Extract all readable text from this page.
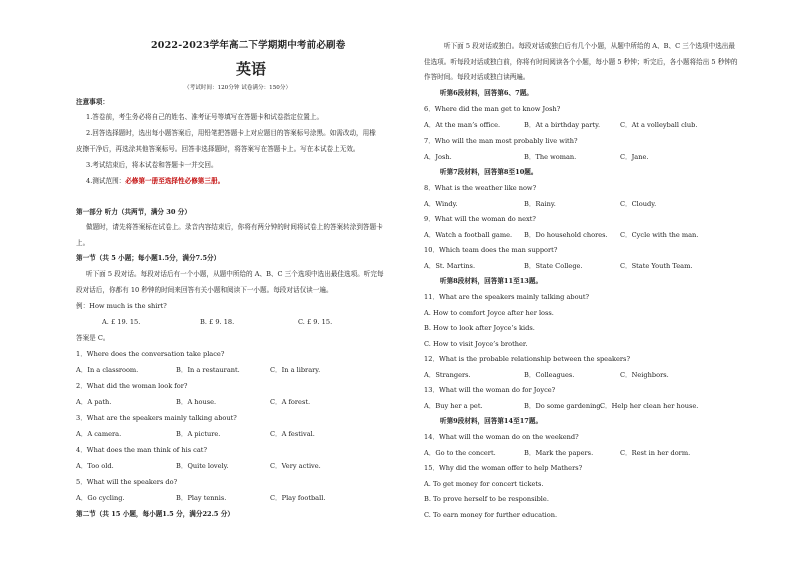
2022-2023学年高二下学期期中考前必刷卷
英语
（考试时间：120分钟 试卷满分：150分）
注意事项：
1.答卷前，考生务必将自己的姓名、准考证号等填写在答题卡和试卷指定位置上。
2.回答选择题时，选出每小题答案后，用铅笔把答题卡上对应题目的答案标号涂黑。如需改动，用橡
皮擦干净后，再选涂其他答案标号。回答非选择题时，将答案写在答题卡上。写在本试卷上无效。
3.考试结束后，将本试卷和答题卡一并交回。
4.测试范围：必修第一册至选择性必修第三册。
第一部分 听力（共两节，满分 30 分）
做题时，请先将答案标在试卷上。录音内容结束后，你将有两分钟的时间将试卷上的答案转涂到答题卡
上。
第一节（共 5 小题；每小题1.5分，满分7.5分）
听下面 5 段对话。每段对话后有一个小题，从题中所给的 A、B、C 三个选项中选出最佳选项。听完每
段对话后，你都有 10 秒钟的时间来回答有关小题和阅读下一小题。每段对话仅读一遍。
例：How much is the shirt?
A. £ 19. 15.	B. £ 9. 18.	C. £ 9. 15.
答案是 C。
1．Where does the conversation take place?
A．In a classroom.	B．In a restaurant.	C．In a library.
2．What did the woman look for?
A．A path.	B．A house.	C．A forest.
3．What are the speakers mainly talking about?
A．A camera.	B．A picture.	C．A festival.
4．What does the man think of his cat?
A．Too old.	B．Quite lovely.	C．Very active.
5．What will the speakers do?
A．Go cycling.	B．Play tennis.	C．Play football.
第二节（共 15 小题，每小题1.5 分，满分22.5 分）
听下面 5 段对话或独白。每段对话或独白后有几个小题，从题中所给的 A、B、C 三个选项中选出最
佳选项。听每段对话或独白前，你将有时间阅读各个小题，每小题 5 秒钟；听完后，各小题将给出 5 秒钟的
作答时间。每段对话或独白读两遍。
听第6段材料，回答第6、7题。
6．Where did the man get to know Josh?
A．At the man’s office.	B．At a birthday party.	C．At a volleyball club.
7．Who will the man most probably live with?
A．Josh.	B．The woman.	C．Jane.
听第7段材料，回答第8至10题。
8．What is the weather like now?
A．Windy.	B．Rainy.	C．Cloudy.
9．What will the woman do next?
A．Watch a football game. B．Do household chores. C．Cycle with the man.
10．Which team does the man support?
A．St. Martins.	B．State College.	C．State Youth Team.
听第8段材料，回答第11至13题。
11．What are the speakers mainly talking about?
A. How to comfort Joyce after her loss.
B. How to look after Joyce’s kids.
C. How to visit Joyce’s brother.
12．What is the probable relationship between the speakers?
A．Strangers.	B．Colleagues.	C．Neighbors.
13．What will the woman do for Joyce?
A．Buy her a pet.	B．Do some gardening.
C．Help her clean her house.
听第9段材料，回答第14至17题。
14．What will the woman do on the weekend?
A．Go to the concert.	B．Mark the papers.	C．Rest in her dorm.
15．Why did the woman offer to help Mathers?
A. To get money for concert tickets.
B. To prove herself to be responsible.
C. To earn money for further education.
